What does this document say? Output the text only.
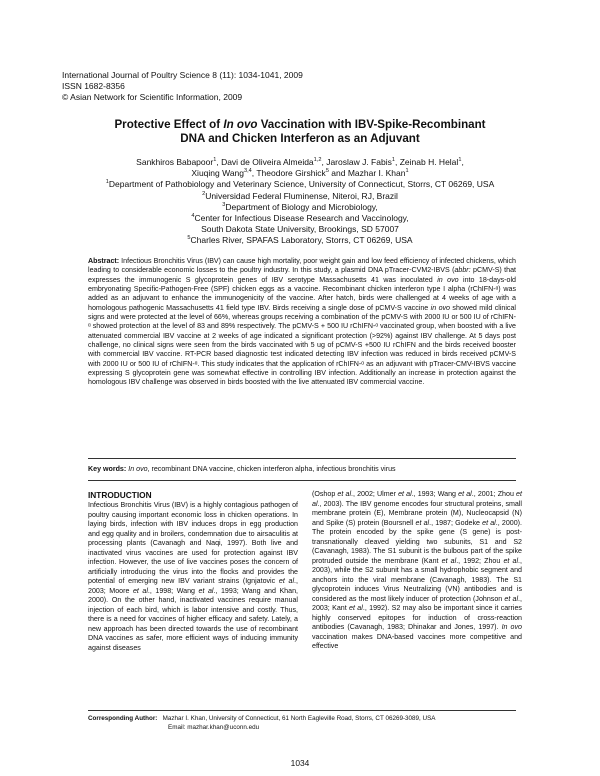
International Journal of Poultry Science 8 (11): 1034-1041, 2009
ISSN 1682-8356
© Asian Network for Scientific Information, 2009
Protective Effect of In ovo Vaccination with IBV-Spike-Recombinant
DNA and Chicken Interferon as an Adjuvant
Sankhiros Babapoor$^1$, Davi de Oliveira Almeida$^{1,2}$, Jaroslaw J. Fabis$^1$, Zeinab H. Helal$^1$,
Xiuqing Wang$^{3,4}$, Theodore Girshick$^5$ and Mazhar I. Khan$^1$
$^1$Department of Pathobiology and Veterinary Science, University of Connecticut, Storrs, CT 06269, USA
$^2$Universidad Federal Fluminense, Niteroi, RJ, Brazil
$^3$Department of Biology and Microbiology,
$^4$Center for Infectious Disease Research and Vaccinology,
South Dakota State University, Brookings, SD 57007
$^5$Charles River, SPAFAS Laboratory, Storrs, CT 06269, USA

Abstract: Infectious Bronchitis Virus (IBV) can cause high mortality, poor weight gain and low feed efficiency of infected chickens, which leading to considerable economic losses to the poultry industry. In this study, a plasmid DNA pTracer-CVM2-IBVS (abbr: pCMV-S) that expresses the immunogenic S glycoprotein genes of IBV serotype Massachusetts 41 was inoculated in ovo into 18-days-old embryonating Specific-Pathogen-Free (SPF) chicken eggs as a vaccine. Recombinant chicken interferon type I alpha (rChIFN-ᵅ) was added as an adjuvant to enhance the immunogenicity of the vaccine. After hatch, birds were challenged at 4 weeks of age with a homologous pathogenic Massachusetts 41 field type IBV. Birds receiving a single dose of pCMV-S vaccine in ovo showed mild clinical signs and were protected at the level of 66%, whereas groups receiving a combination of the pCMV-S with 2000 IU or 500 IU of rChIFN-ᵅ showed protection at the level of 83 and 89% respectively. The pCMV-S + 500 IU rChIFN-ᵅ vaccinated group, when boosted with a live attenuated commercial IBV vaccine at 2 weeks of age indicated a significant protection (>92%) against IBV challenge. At 5 days post challenge, no clinical signs were seen from the birds vaccinated with 5 ug of pCMV-S +500 IU rChIFN and the birds received booster with commercial IBV vaccine. RT-PCR based diagnostic test indicated detecting IBV infection was reduced in birds received pCMV-S with 2000 IU or 500 IU of rChIFN-ᵅ. This study indicates that the application of rChIFN-ᵅ as an adjuvant with pTracer-CMV-IBVS vaccine expressing S glycoprotein gene was somewhat effective in controlling IBV infection. Additionally an increase in protection against the homologous IBV challenge was observed in birds boosted with the live attenuated IBV commercial vaccine.

Key words: In ovo, recombinant DNA vaccine, chicken interferon alpha, infectious bronchitis virus
INTRODUCTION

Infectious Bronchitis Virus (IBV) is a highly contagious pathogen of poultry causing important economic loss in chicken operations. In laying birds, infection with IBV induces drops in egg production and egg quality and in broilers, condemnation due to airsaculitis at processing plants (Cavanagh and Naqi, 1997). Both live and inactivated virus vaccines are used for protection against IBV infection. However, the use of live vaccines poses the concern of artificially introducing the virus into the flocks and provides the potential of emerging new IBV variant strains (Ignjatovic et al., 2003; Moore et al., 1998; Wang et al., 1993; Wang and Khan, 2000). On the other hand, inactivated vaccines require manual injection of each bird, which is labor intensive and costly. Thus, there is a need for vaccines of higher efficacy and safety. Lately, a new approach has been directed towards the use of recombinant DNA vaccines as safer, more efficient ways of inducing immunity against diseases

(Oshop et al., 2002; Ulmer et al., 1993; Wang et al., 2001; Zhou et al., 2003). The IBV genome encodes four structural proteins, small membrane protein (E), Membrane protein (M), Nucleocapsid (N) and Spike (S) protein (Boursnell et al., 1987; Godeke et al., 2000). The protein encoded by the spike gene (S gene) is post-transnationally cleaved yielding two subunits, S1 and S2 (Cavanagh, 1983). The S1 subunit is the bulbous part of the spike protruded outside the membrane (Kant et al., 1992; Zhou et al., 2003), while the S2 subunit has a small hydrophobic segment and anchors into the viral membrane (Cavanagh, 1983). The S1 glycoprotein induces Virus Neutralizing (VN) antibodies and is considered as the most likely inducer of protection (Johnson et al., 2003; Kant et al., 1992). S2 may also be important since it carries highly conserved epitopes for induction of cross-reaction antibodies (Cavanagh, 1983; Dhinakar and Jones, 1997). In ovo vaccination makes DNA-based vaccines more competitive and effective

Corresponding Author: Mazhar I. Khan, University of Connecticut, 61 North Eagleville Road, Storrs, CT 06269-3089, USA
Email: mazhar.khan@uconn.edu
1034
